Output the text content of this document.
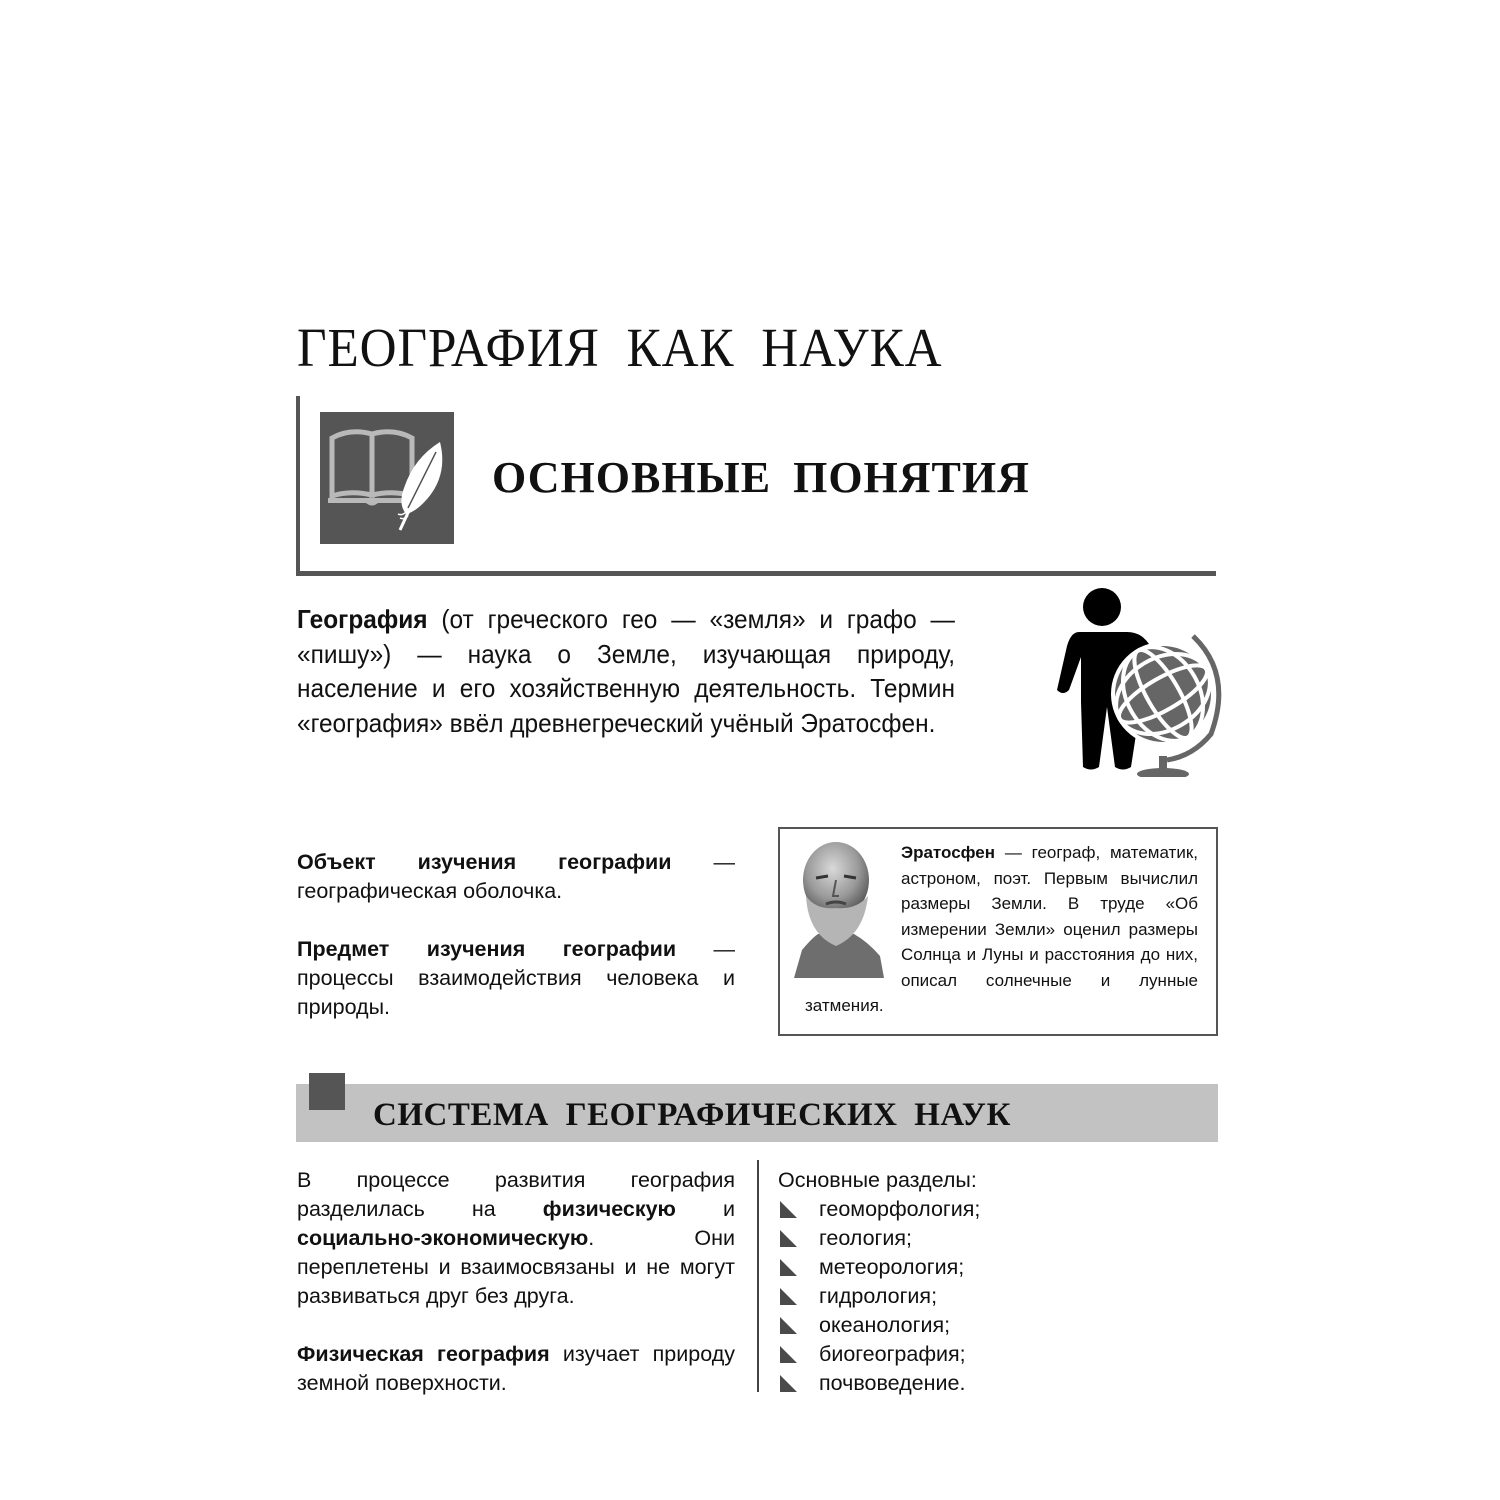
ГЕОГРАФИЯ КАК НАУКА
ОСНОВНЫЕ ПОНЯТИЯ

География (от греческого гео — «земля» и графо — «пишу») — наука о Земле, изучающая природу, население и его хозяйственную деятельность. Термин «география» ввёл древнегреческий учёный Эратосфен.

Объект изучения географии — географическая оболочка.

Предмет изучения географии — процессы взаимодействия человека и природы.

Эратосфен — географ, математик, астроном, поэт. Первым вычислил размеры Земли. В труде «Об измерении Земли» оценил размеры Солнца и Луны и расстояния до них, описал солнечные и лунные затмения.

СИСТЕМА ГЕОГРАФИЧЕСКИХ НАУК

В процессе развития география разделилась на физическую и социально-экономическую. Они переплетены и взаимосвязаны и не могут развиваться друг без друга.

Физическая география изучает природу земной поверхности.

Основные разделы:
геоморфология;
геология;
метеорология;
гидрология;
океанология;
биогеография;
почвоведение.
